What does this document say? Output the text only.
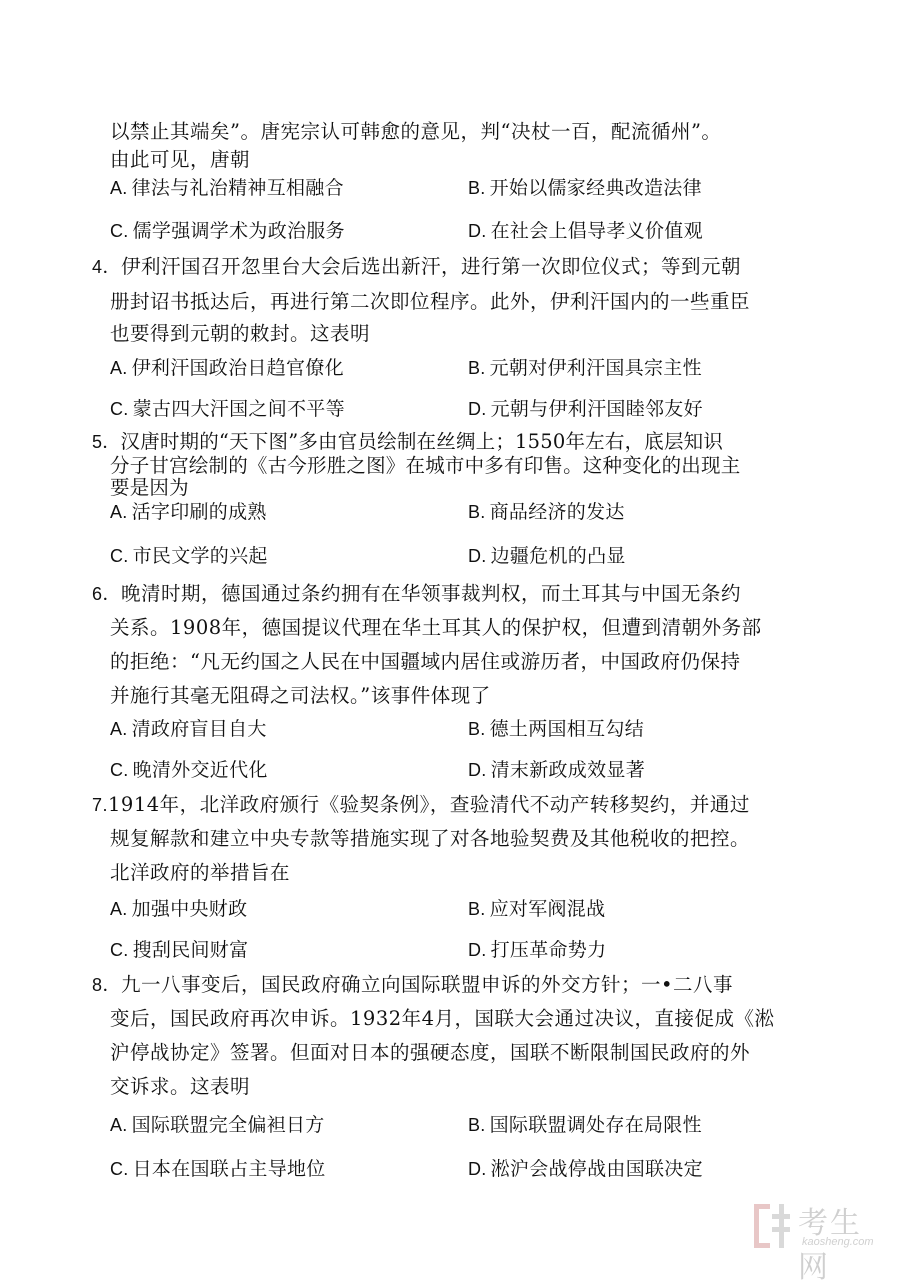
以禁止其端矣”。唐宪宗认可韩愈的意见，判“决杖一百，配流循州”。
由此可见，唐朝
A. 律法与礼治精神互相融合	B. 开始以儒家经典改造法律
C. 儒学强调学术为政治服务	D. 在社会上倡导孝义价值观
4．伊利汗国召开忽里台大会后选出新汗，进行第一次即位仪式；等到元朝
册封诏书抵达后，再进行第二次即位程序。此外，伊利汗国内的一些重臣
也要得到元朝的敕封。这表明
A. 伊利汗国政治日趋官僚化	B. 元朝对伊利汗国具宗主性
C. 蒙古四大汗国之间不平等	D. 元朝与伊利汗国睦邻友好
5．汉唐时期的“天下图”多由官员绘制在丝绸上；1550年左右，底层知识
分子甘宫绘制的《古今形胜之图》在城市中多有印售。这种变化的出现主
要是因为
A. 活字印刷的成熟	B. 商品经济的发达
C. 市民文学的兴起	D. 边疆危机的凸显
6．晚清时期，德国通过条约拥有在华领事裁判权，而土耳其与中国无条约
关系。1908年，德国提议代理在华土耳其人的保护权，但遭到清朝外务部
的拒绝：“凡无约国之人民在中国疆域内居住或游历者，中国政府仍保持
并施行其毫无阻碍之司法权。”该事件体现了
A. 清政府盲目自大	B. 德土两国相互勾结
C. 晚清外交近代化	D. 清末新政成效显著
7.1914年，北洋政府颁行《验契条例》，查验清代不动产转移契约，并通过
规复解款和建立中央专款等措施实现了对各地验契费及其他税收的把控。
北洋政府的举措旨在
A. 加强中央财政	B. 应对军阀混战
C. 搜刮民间财富	D. 打压革命势力
8．九一八事变后，国民政府确立向国际联盟申诉的外交方针；一•二八事
变后，国民政府再次申诉。1932年4月，国联大会通过决议，直接促成《淞
沪停战协定》签署。但面对日本的强硬态度，国联不断限制国民政府的外
交诉求。这表明
A. 国际联盟完全偏袒日方	B. 国际联盟调处存在局限性
C. 日本在国联占主导地位	D. 淞沪会战停战由国联决定
考生网
kaosheng.com
